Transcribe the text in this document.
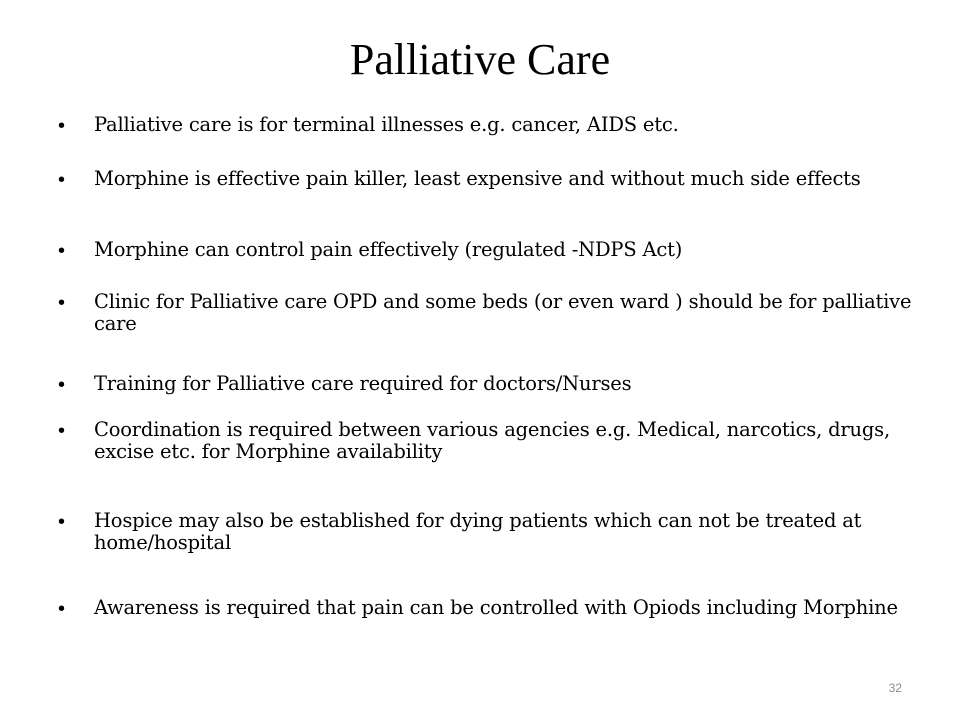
Palliative Care
•	Palliative care is for terminal illnesses e.g. cancer, AIDS etc.
•	Morphine is effective pain killer, least expensive and without much side effects
•	Morphine can control pain effectively (regulated -NDPS Act)
•	Clinic for Palliative care OPD and some beds (or even ward ) should be for palliative care
•	Training for Palliative care required for doctors/Nurses
•	Coordination is required between various agencies e.g. Medical, narcotics, drugs, excise etc. for Morphine availability
•	Hospice may also be established for dying patients which can not be treated at home/hospital
•	Awareness is required that pain can be controlled with Opiods including Morphine
32
